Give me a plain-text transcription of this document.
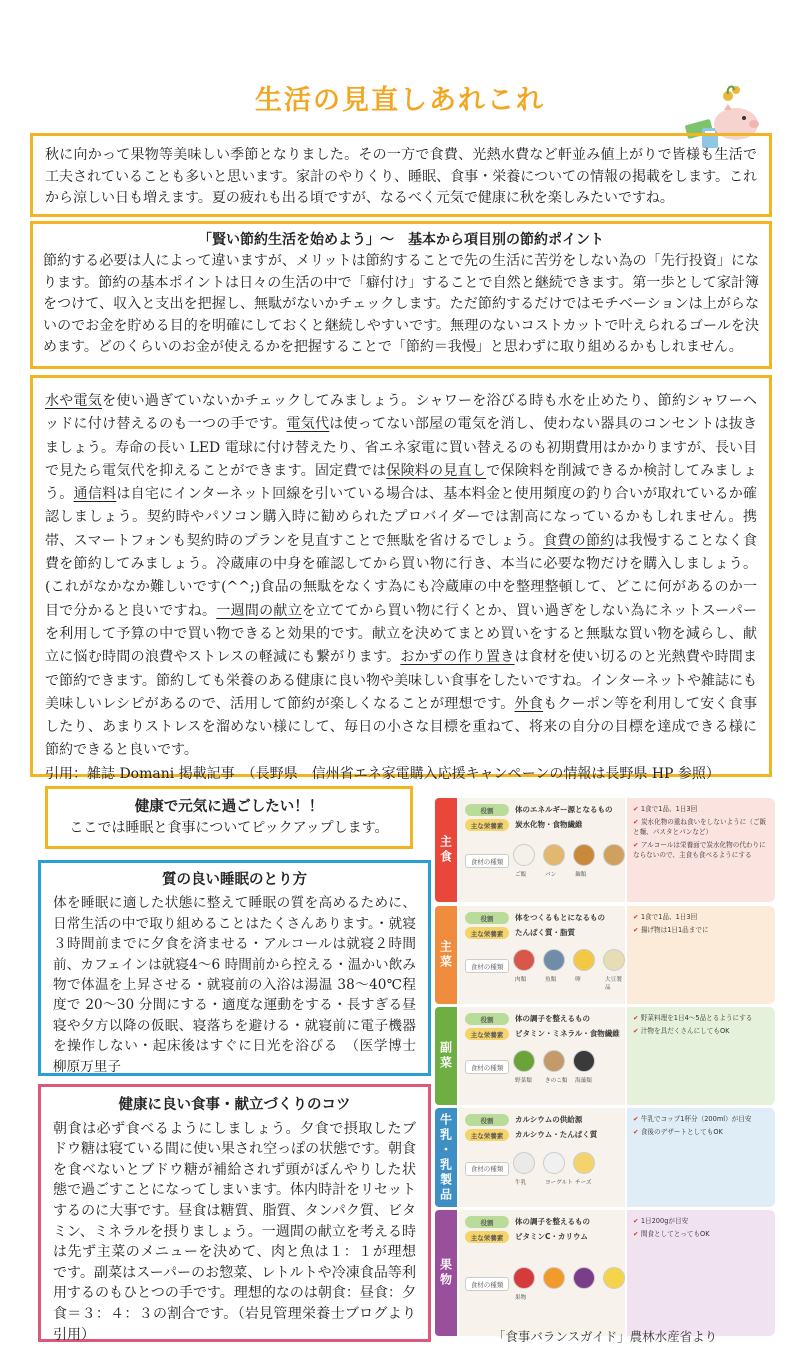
生活の見直しあれこれ

秋に向かって果物等美味しい季節となりました。その一方で食費、光熱水費など軒並み値上がりで皆様も生活で工夫されていることも多いと思います。家計のやりくり、睡眠、食事・栄養についての情報の掲載をします。これから涼しい日も増えます。夏の疲れも出る頃ですが、なるべく元気で健康に秋を楽しみたいですね。

「賢い節約生活を始めよう」～　基本から項目別の節約ポイント

節約する必要は人によって違いますが、メリットは節約することで先の生活に苦労をしない為の「先行投資」になります。節約の基本ポイントは日々の生活の中で「癖付け」することで自然と継続できます。第一歩として家計簿をつけて、収入と支出を把握し、無駄がないかチェックします。ただ節約するだけではモチベーションは上がらないのでお金を貯める目的を明確にしておくと継続しやすいです。無理のないコストカットで叶えられるゴールを決めます。どのくらいのお金が使えるかを把握することで「節約＝我慢」と思わずに取り組めるかもしれません。

水や電気を使い過ぎていないかチェックしてみましょう。シャワーを浴びる時も水を止めたり、節約シャワーヘッドに付け替えるのも一つの手です。電気代は使ってない部屋の電気を消し、使わない器具のコンセントは抜きましょう。寿命の長い LED 電球に付け替えたり、省エネ家電に買い替えるのも初期費用はかかりますが、長い目で見たら電気代を抑えることができます。固定費では保険料の見直しで保険料を削減できるか検討してみましょう。通信料は自宅にインターネット回線を引いている場合は、基本料金と使用頻度の釣り合いが取れているか確認しましょう。契約時やパソコン購入時に勧められたプロバイダーでは割高になっているかもしれません。携帯、スマートフォンも契約時のプランを見直すことで無駄を省けるでしょう。食費の節約は我慢することなく食費を節約してみましょう。冷蔵庫の中身を確認してから買い物に行き、本当に必要な物だけを購入しましょう。(これがなかなか難しいです(^^;)食品の無駄をなくす為にも冷蔵庫の中を整理整頓して、どこに何があるのか一目で分かると良いですね。一週間の献立を立ててから買い物に行くとか、買い過ぎをしない為にネットスーパーを利用して予算の中で買い物できると効果的です。献立を決めてまとめ買いをすると無駄な買い物を減らし、献立に悩む時間の浪費やストレスの軽減にも繋がります。おかずの作り置きは食材を使い切るのと光熱費や時間まで節約できます。節約しても栄養のある健康に良い物や美味しい食事をしたいですね。インターネットや雑誌にも美味しいレシピがあるので、活用して節約が楽しくなることが理想です。外食もクーポン等を利用して安く食事したり、あまりストレスを溜めない様にして、毎日の小さな目標を重ねて、将来の自分の目標を達成できる様に節約できると良いです。

引用：雑誌 Domani 掲載記事　（長野県　信州省エネ家電購入応援キャンペーンの情報は長野県 HP 参照）

健康で元気に過ごしたい！！
ここでは睡眠と食事についてピックアップします。
質の良い睡眠のとり方

体を睡眠に適した状態に整えて睡眠の質を高めるために、日常生活の中で取り組めることはたくさんあります。・就寝３時間前までに夕食を済ませる・アルコールは就寝２時間前、カフェインは就寝4～6 時間前から控える・温かい飲み物で体温を上昇させる・就寝前の入浴は湯温 38～40℃程度で 20～30 分間にする・適度な運動をする・長すぎる昼寝や夕方以降の仮眠、寝落ちを避ける・就寝前に電子機器を操作しない・起床後はすぐに日光を浴びる　（医学博士　柳原万里子

健康に良い食事・献立づくりのコツ

朝食は必ず食べるようにしましょう。夕食で摂取したブドウ糖は寝ている間に使い果され空っぽの状態です。朝食を食べないとブドウ糖が補給されず頭がぼんやりした状態で過ごすことになってしまいます。体内時計をリセットするのに大事です。昼食は糖質、脂質、タンパク質、ビタミン、ミネラルを摂りましょう。一週間の献立を考える時は先ず主菜のメニューを決めて、肉と魚は１：１が理想です。副菜はスーパーのお惣菜、レトルトや冷凍食品等利用するのもひとつの手です。理想的なのは朝食：昼食：夕食＝３：４：３の割合です。（岩見管理栄養士ブログより引用）

主食
役割	体のエネルギー源となるもの
主な栄養素	炭水化物・食物繊維
食材の種類
ご飯	パン	麺類
✔ 1食で1品、1日3回
✔ 炭水化物の重ね食いをしないように（ご飯と麺、パスタとパンなど）
✔ アルコールは栄養面で炭水化物の代わりにならないので、主食も食べるようにする
主菜
役割	体をつくるもとになるもの
主な栄養素	たんぱく質・脂質
食材の種類
肉類	魚類	卵	大豆製品
✔ 1食で1品、1日3回
✔ 揚げ物は1日1品までに
副菜
役割	体の調子を整えるもの
主な栄養素	ビタミン・ミネラル・食物繊維
食材の種類
野菜類 きのこ類 海藻類
✔ 野菜料理を1日4～5品とるようにする
✔ 汁物を具だくさんにしてもOK
牛乳・乳製品	役割	カルシウムの供給源
主な栄養素	カルシウム・たんぱく質
食材の種類
牛乳	ヨーグルト チーズ
✔ 牛乳でコップ1杯分（200ml）が目安
✔ 食後のデザートとしてもOK
果物
役割	体の調子を整えるもの
主な栄養素	ビタミンC・カリウム
食材の種類
果物
✔ 1日200gが目安
✔ 間食としてとってもOK
「食事バランスガイド」農林水産省より
